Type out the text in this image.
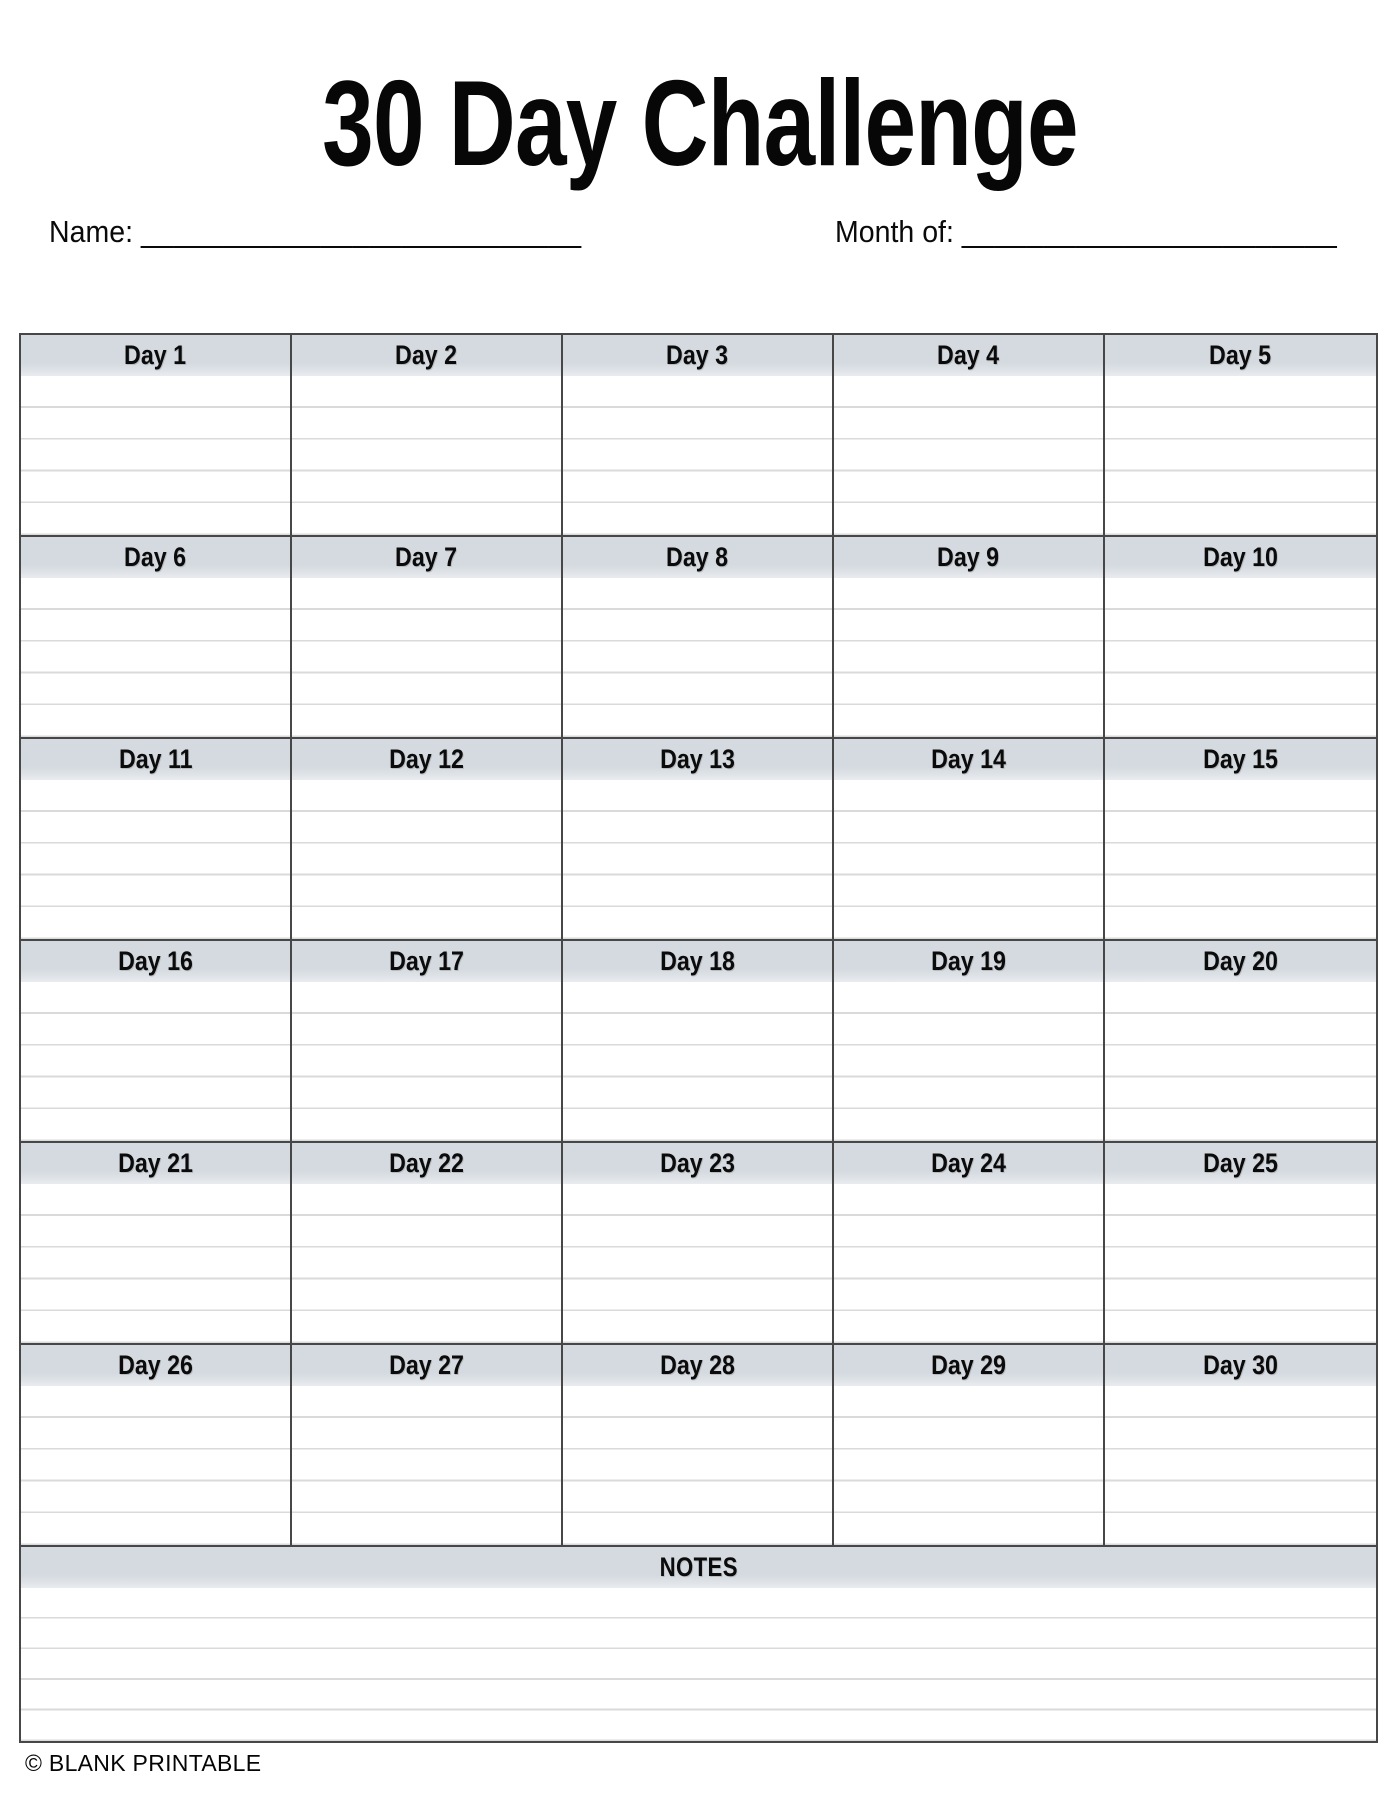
30 Day Challenge
Name: ___________________________	Month of: _______________________
Day 1	Day 2	Day 3	Day 4	Day 5
Day 6	Day 7	Day 8	Day 9	Day 10
Day 11	Day 12	Day 13	Day 14	Day 15
Day 16	Day 17	Day 18	Day 19	Day 20
Day 21	Day 22	Day 23	Day 24	Day 25
Day 26	Day 27	Day 28	Day 29	Day 30
NOTES
© BLANK PRINTABLE
